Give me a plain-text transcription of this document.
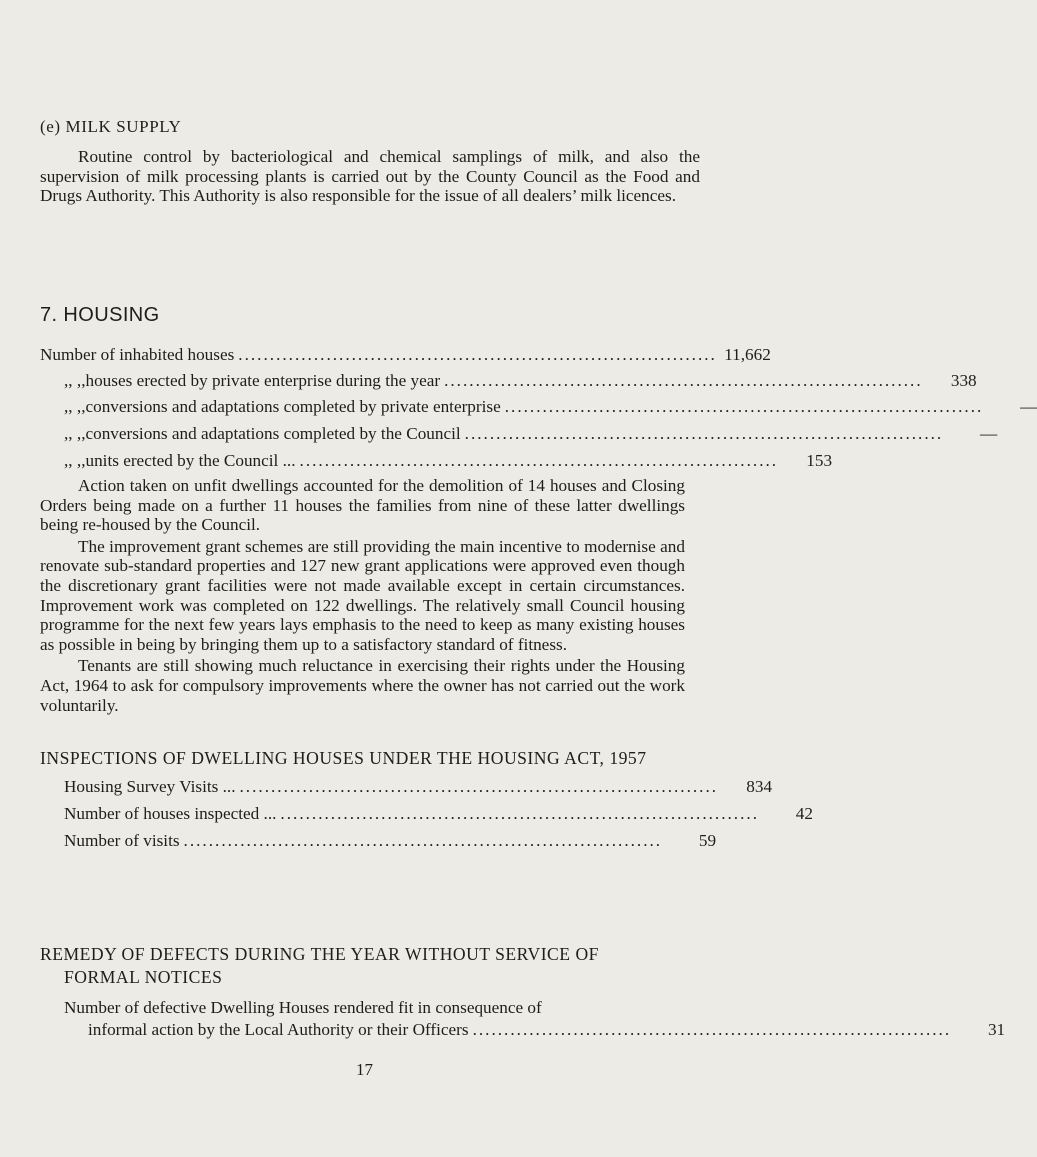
(e) MILK SUPPLY

Routine control by bacteriological and chemical samplings of milk, and also the supervision of milk processing plants is carried out by the County Council as the Food and Drugs Authority. This Authority is also responsible for the issue of all dealers’ milk licences.

7. HOUSING
Number of inhabited houses ............................................................................ 11,662
,, ,, houses erected by private enterprise during the year ............................................................................	338
,, ,, conversions and adaptations completed by private enterprise ............................................................................	—
,, ,, conversions and adaptations completed by the Council ............................................................................	—
,, ,, units erected by the Council ... ............................................................................	153

Action taken on unfit dwellings accounted for the demolition of 14 houses and Closing Orders being made on a further 11 houses the families from nine of these latter dwellings being re-housed by the Council.

The improvement grant schemes are still providing the main incentive to modernise and renovate sub-standard properties and 127 new grant applications were approved even though the discretionary grant facilities were not made available except in certain circumstances. Improvement work was completed on 122 dwellings. The relatively small Council housing programme for the next few years lays emphasis to the need to keep as many existing houses as possible in being by bringing them up to a satisfactory standard of fitness.

Tenants are still showing much reluctance in exercising their rights under the Housing Act, 1964 to ask for compulsory improvements where the owner has not carried out the work voluntarily.

INSPECTIONS OF DWELLING HOUSES UNDER THE HOUSING ACT, 1957
Housing Survey Visits ... ............................................................................	834
Number of houses inspected ... ............................................................................	42
Number of visits ............................................................................	59
REMEDY OF DEFECTS DURING THE YEAR WITHOUT SERVICE OF
FORMAL NOTICES
Number of defective Dwelling Houses rendered fit in consequence of
informal action by the Local Authority or their Officers ............................................................................	31
17
